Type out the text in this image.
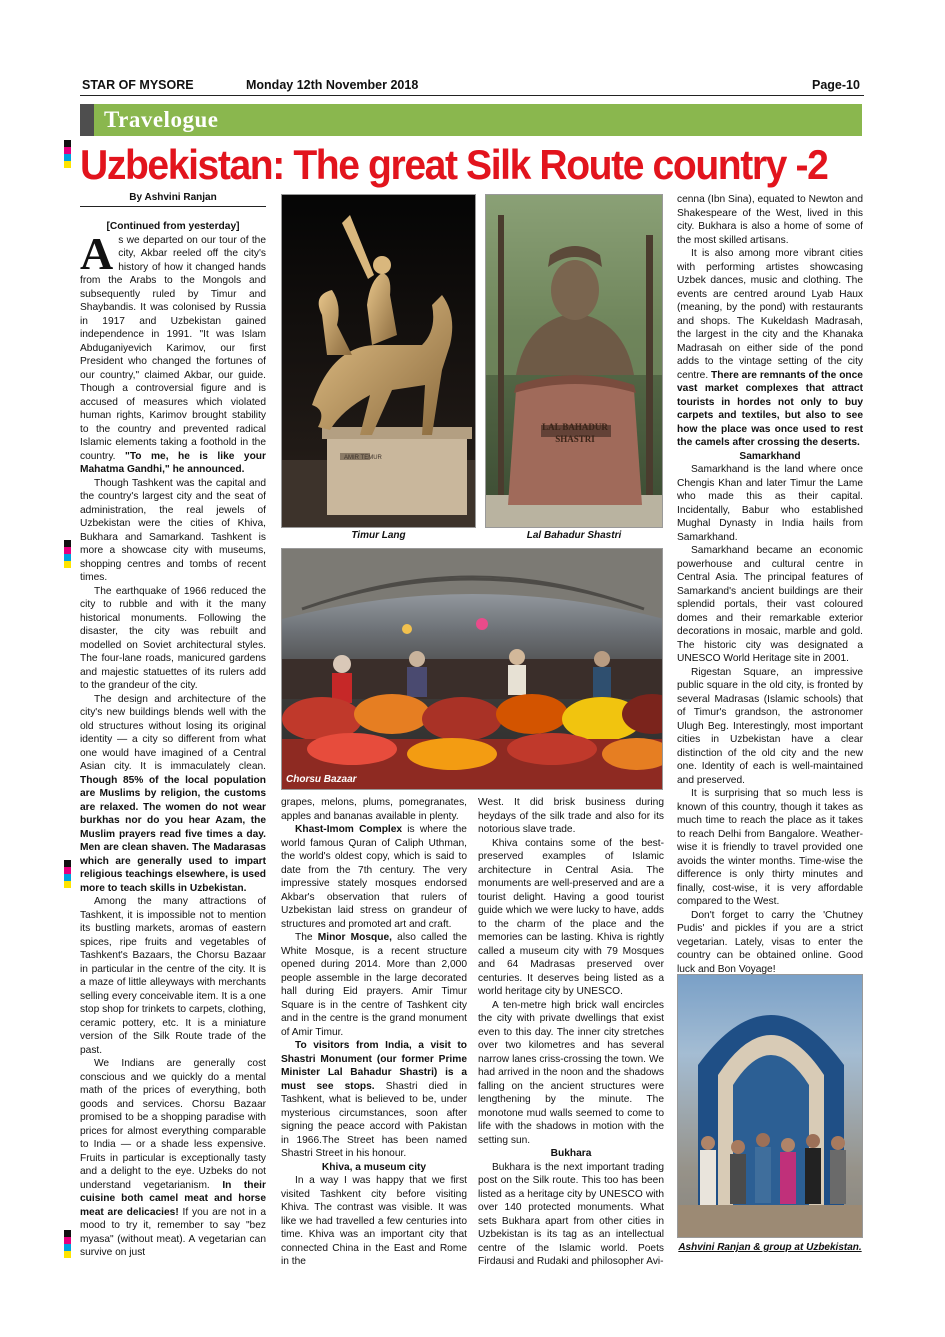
STAR OF MYSORE	Monday 12th November 2018	Page-10
Travelogue
Uzbekistan: The great Silk Route country -2
By Ashvini Ranjan

[Continued from yesterday]

As we departed on our tour of the city, Akbar reeled off the city's history of how it changed hands from the Arabs to the Mongols and subsequently ruled by Timur and Shaybandis. It was colonised by Russia in 1917 and Uzbekistan gained independence in 1991. "It was Islam Abduganiyevich Karimov, our first President who changed the fortunes of our country," claimed Akbar, our guide. Though a controversial figure and is accused of measures which violated human rights, Karimov brought stability to the country and prevented radical Islamic elements taking a foothold in the country. "To me, he is like your Mahatma Gandhi," he announced.

Though Tashkent was the capital and the country's largest city and the seat of administration, the real jewels of Uzbekistan were the cities of Khiva, Bukhara and Samarkand. Tashkent is more a showcase city with museums, shopping centres and tombs of recent times.

The earthquake of 1966 reduced the city to rubble and with it the many historical monuments. Following the disaster, the city was rebuilt and modelled on Soviet architectural styles. The four-lane roads, manicured gardens and majestic statuettes of its rulers add to the grandeur of the city.

The design and architecture of the city's new buildings blends well with the old structures without losing its original identity — a city so different from what one would have imagined of a Central Asian city. It is immaculately clean. Though 85% of the local population are Muslims by religion, the customs are relaxed. The women do not wear burkhas nor do you hear Azam, the Muslim prayers read five times a day. Men are clean shaven. The Madarasas which are generally used to impart religious teachings elsewhere, is used more to teach skills in Uzbekistan.

Among the many attractions of Tashkent, it is impossible not to mention its bustling markets, aromas of eastern spices, ripe fruits and vegetables of Tashkent's Bazaars, the Chorsu Bazaar in particular in the centre of the city. It is a maze of little alleyways with merchants selling every conceivable item. It is a one stop shop for trinkets to carpets, clothing, ceramic pottery, etc. It is a miniature version of the Silk Route trade of the past.

We Indians are generally cost conscious and we quickly do a mental math of the prices of everything, both goods and services. Chorsu Bazaar promised to be a shopping paradise with prices for almost everything comparable to India — or a shade less expensive. Fruits in particular is exceptionally tasty and a delight to the eye. Uzbeks do not understand vegetarianism. In their cuisine both camel meat and horse meat are delicacies! If you are not in a mood to try it, remember to say "bez myasa" (without meat). A vegetarian can survive on just

AMIR TEMUR
Timur Lang
LAL BAHADUR SHASTRI
Lal Bahadur Shastri
Chorsu Bazaar

grapes, melons, plums, pomegranates, apples and bananas available in plenty.

Khast-Imom Complex is where the world famous Quran of Caliph Uthman, the world's oldest copy, which is said to date from the 7th century. The very impressive stately mosques endorsed Akbar's observation that rulers of Uzbekistan laid stress on grandeur of structures and promoted art and craft.

The Minor Mosque, also called the White Mosque, is a recent structure opened during 2014. More than 2,000 people assemble in the large decorated hall during Eid prayers. Amir Timur Square is in the centre of Tashkent city and in the centre is the grand monument of Amir Timur.

To visitors from India, a visit to Shastri Monument (our former Prime Minister Lal Bahadur Shastri) is a must see stops. Shastri died in Tashkent, what is believed to be, under mysterious circumstances, soon after signing the peace accord with Pakistan in 1966.The Street has been named Shastri Street in his honour.

Khiva, a museum city

In a way I was happy that we first visited Tashkent city before visiting Khiva. The contrast was visible. It was like we had travelled a few centuries into time. Khiva was an important city that connected China in the East and Rome in the

West. It did brisk business during heydays of the silk trade and also for its notorious slave trade.

Khiva contains some of the best-preserved examples of Islamic architecture in Central Asia. The monuments are well-preserved and are a tourist delight. Having a good tourist guide which we were lucky to have, adds to the charm of the place and the memories can be lasting. Khiva is rightly called a museum city with 79 Mosques and 64 Madrasas preserved over centuries. It deserves being listed as a world heritage city by UNESCO.

A ten-metre high brick wall encircles the city with private dwellings that exist even to this day. The inner city stretches over two kilometres and has several narrow lanes criss-crossing the town. We had arrived in the noon and the shadows falling on the ancient structures were lengthening by the minute. The monotone mud walls seemed to come to life with the shadows in motion with the setting sun.

Bukhara

Bukhara is the next important trading post on the Silk route. This too has been listed as a heritage city by UNESCO with over 140 protected monuments. What sets Bukhara apart from other cities in Uzbekistan is its tag as an intellectual centre of the Islamic world. Poets Firdausi and Rudaki and philosopher Avi-

cenna (Ibn Sina), equated to Newton and Shakespeare of the West, lived in this city. Bukhara is also a home of some of the most skilled artisans.

It is also among more vibrant cities with performing artistes showcasing Uzbek dances, music and clothing. The events are centred around Lyab Haux (meaning, by the pond) with restaurants and shops. The Kukeldash Madrasah, the largest in the city and the Khanaka Madrasah on either side of the pond adds to the vintage setting of the city centre. There are remnants of the once vast market complexes that attract tourists in hordes not only to buy carpets and textiles, but also to see how the place was once used to rest the camels after crossing the deserts.

Samarkhand

Samarkhand is the land where once Chengis Khan and later Timur the Lame who made this as their capital. Incidentally, Babur who established Mughal Dynasty in India hails from Samarkhand.

Samarkhand became an economic powerhouse and cultural centre in Central Asia. The principal features of Samarkand's ancient buildings are their splendid portals, their vast coloured domes and their remarkable exterior decorations in mosaic, marble and gold. The historic city was designated a UNESCO World Heritage site in 2001.

Rigestan Square, an impressive public square in the old city, is fronted by several Madrasas (Islamic schools) that of Timur's grandson, the astronomer Ulugh Beg. Interestingly, most important cities in Uzbekistan have a clear distinction of the old city and the new one. Identity of each is well-maintained and preserved.

It is surprising that so much less is known of this country, though it takes as much time to reach the place as it takes to reach Delhi from Bangalore. Weather-wise it is friendly to travel provided one avoids the winter months. Time-wise the difference is only thirty minutes and finally, cost-wise, it is very affordable compared to the West.

Don't forget to carry the 'Chutney Pudis' and pickles if you are a strict vegetarian. Lately, visas to enter the country can be obtained online. Good luck and Bon Voyage!

Ashvini Ranjan & group at Uzbekistan.
